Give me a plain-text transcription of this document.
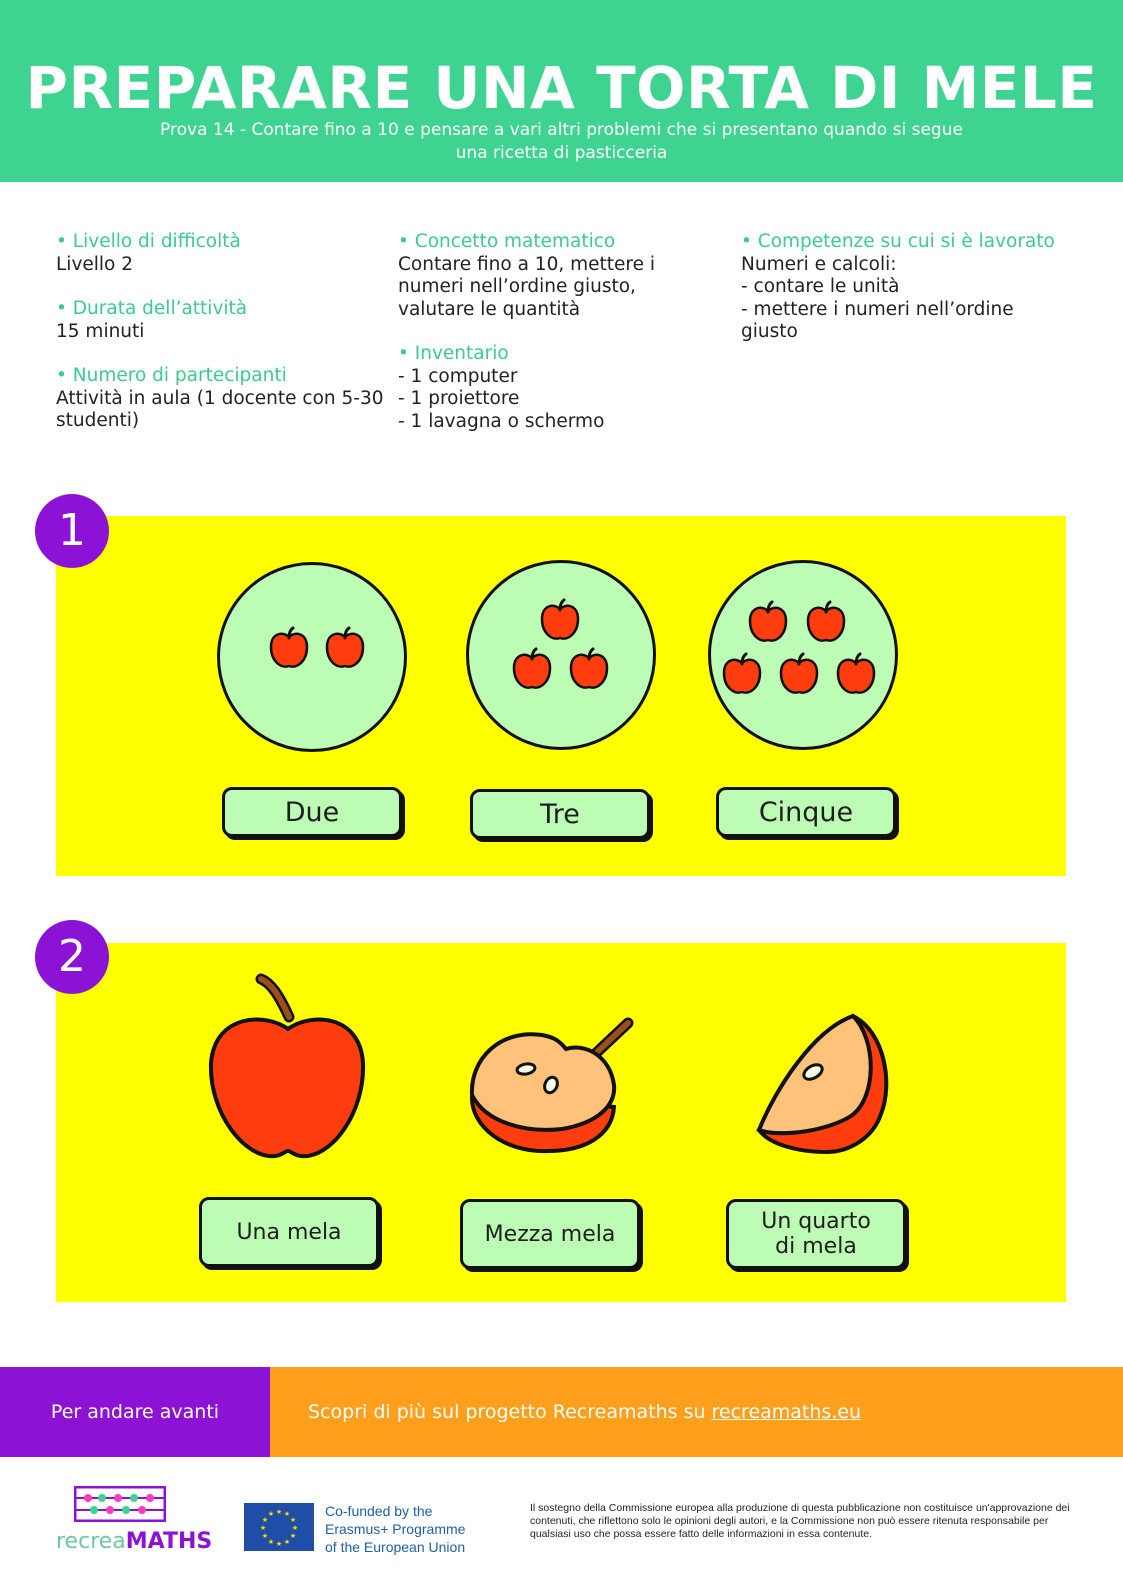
PREPARARE UNA TORTA DI MELE
Prova 14 - Contare fino a 10 e pensare a vari altri problemi che si presentano quando si segue una ricetta di pasticceria
• Livello di difficoltà
Livello 2
• Durata dell’attività
15 minuti
• Numero di partecipanti
Attività in aula (1 docente con 5-30 studenti)
• Concetto matematico
Contare fino a 10, mettere i numeri nell’ordine giusto, valutare le quantità
• Inventario
- 1 computer
- 1 proiettore
- 1 lavagna o schermo
• Competenze su cui si è lavorato
Numeri e calcoli:
- contare le unità
- mettere i numeri nell’ordine giusto
1
Due	Tre	Cinque
2
Una mela	Mezza mela	Un quarto
di mela
Per andare avanti	Scopri di più sul progetto Recreamaths su recreamaths.eu
recreaMATHS
★ ★
★
★
★
★
★
★
★
★
★
★	Co-funded by the
Erasmus+ Programme
of the European Union
Il sostegno della Commissione europea alla produzione di questa pubblicazione non costituisce un'approvazione dei contenuti, che riflettono solo le opinioni degli autori, e la Commissione non può essere ritenuta responsabile per qualsiasi uso che possa essere fatto delle informazioni in essa contenute.
